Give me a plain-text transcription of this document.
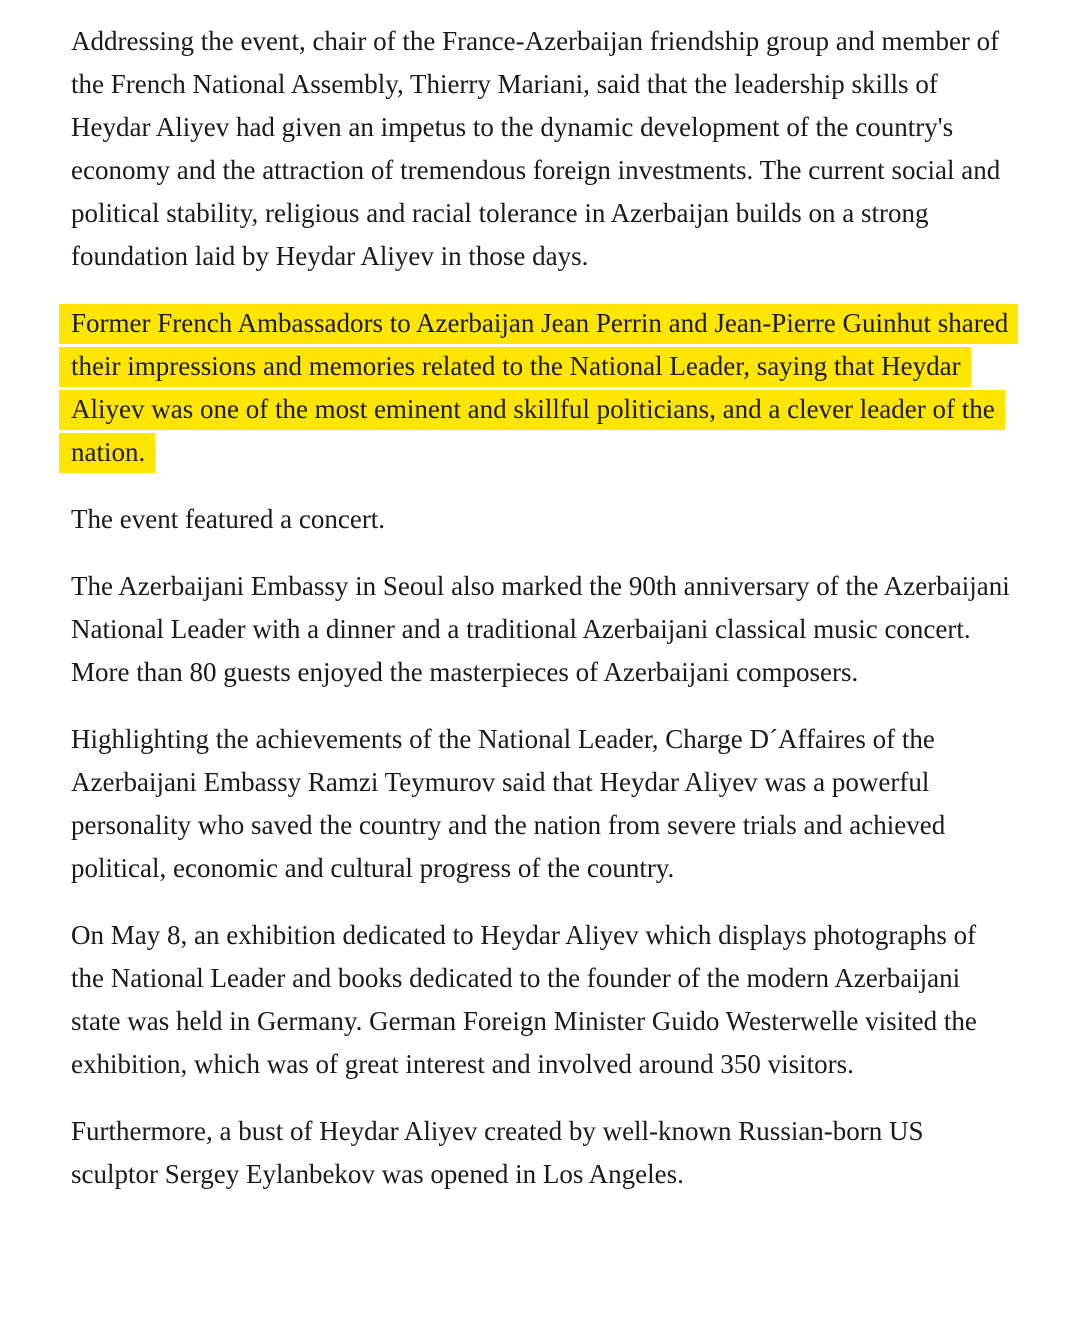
Addressing the event, chair of the France-Azerbaijan friendship group and member of the French National Assembly, Thierry Mariani, said that the leadership skills of Heydar Aliyev had given an impetus to the dynamic development of the country's economy and the attraction of tremendous foreign investments. The current social and political stability, religious and racial tolerance in Azerbaijan builds on a strong foundation laid by Heydar Aliyev in those days.

Former French Ambassadors to Azerbaijan Jean Perrin and Jean-Pierre Guinhut shared their impressions and memories related to the National Leader, saying that Heydar Aliyev was one of the most eminent and skillful politicians, and a clever leader of the nation.

The event featured a concert.

The Azerbaijani Embassy in Seoul also marked the 90th anniversary of the Azerbaijani National Leader with a dinner and a traditional Azerbaijani classical music concert. More than 80 guests enjoyed the masterpieces of Azerbaijani composers.

Highlighting the achievements of the National Leader, Charge D´Affaires of the Azerbaijani Embassy Ramzi Teymurov said that Heydar Aliyev was a powerful personality who saved the country and the nation from severe trials and achieved political, economic and cultural progress of the country.

On May 8, an exhibition dedicated to Heydar Aliyev which displays photographs of the National Leader and books dedicated to the founder of the modern Azerbaijani state was held in Germany. German Foreign Minister Guido Westerwelle visited the exhibition, which was of great interest and involved around 350 visitors.

Furthermore, a bust of Heydar Aliyev created by well-known Russian-born US sculptor Sergey Eylanbekov was opened in Los Angeles.
